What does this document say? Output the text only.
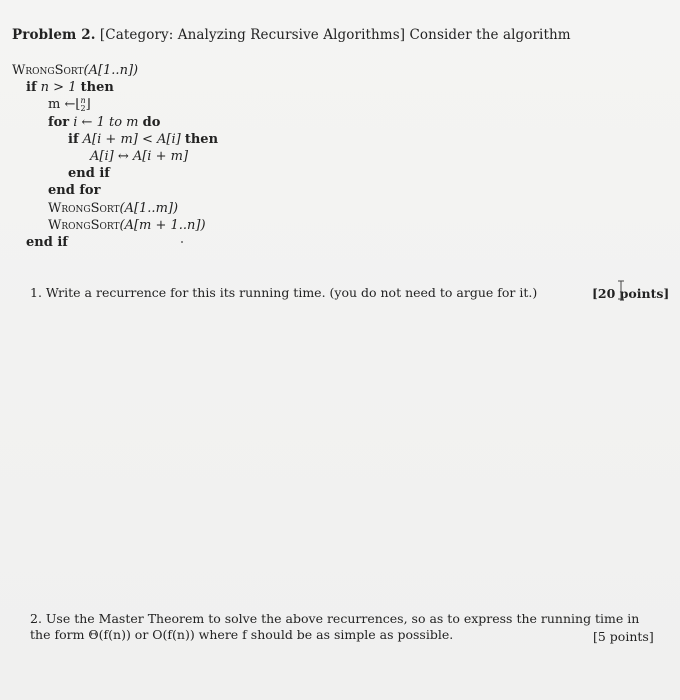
Problem 2. [Category: Analyzing Recursive Algorithms] Consider the algorithm
WrongSort(A[1..n])
if n > 1 then
m ←⌊n
2⌋
for i ← 1 to m do
if A[i + m] < A[i] then
A[i] ↔ A[i + m]
end if
end for
WrongSort(A[1..m])
WrongSort(A[m + 1..n])
end if
1. Write a recurrence for this its running time. (you do not need to argue for it.)	[20 points]
2. Use the Master Theorem to solve the above recurrences, so as to express the running time in the form Θ(f(n)) or O(f(n)) where f should be as simple as possible.	[5 points]
